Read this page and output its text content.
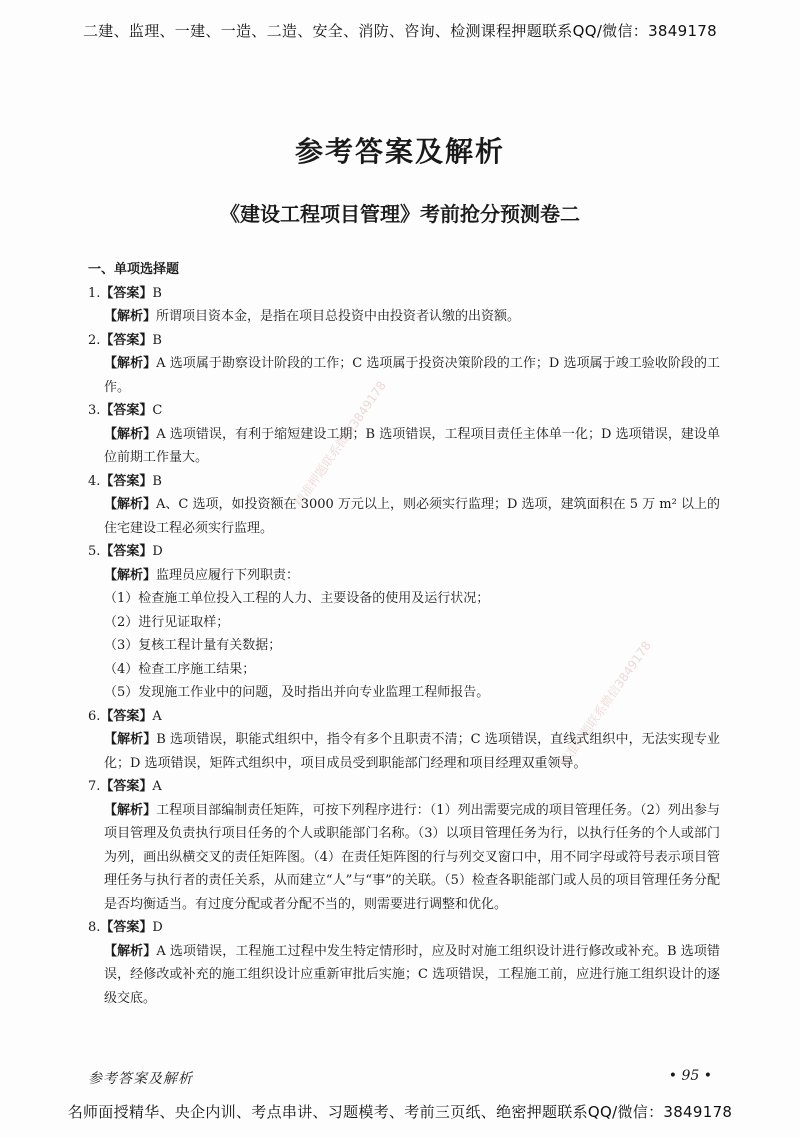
二建、监理、一建、一造、二造、安全、消防、咨询、检测课程押题联系QQ/微信：3849178
精准押题联系微信3849178
精准押题联系微信3849178
参考答案及解析
《建设工程项目管理》考前抢分预测卷二
一、单项选择题
1.【答案】B
【解析】所谓项目资本金，是指在项目总投资中由投资者认缴的出资额。
2.【答案】B
【解析】A 选项属于勘察设计阶段的工作；C 选项属于投资决策阶段的工作；D 选项属于竣工验收阶段的工作。
3.【答案】C
【解析】A 选项错误，有利于缩短建设工期；B 选项错误，工程项目责任主体单一化；D 选项错误，建设单位前期工作量大。
4.【答案】B
【解析】A、C 选项，如投资额在 3000 万元以上，则必须实行监理；D 选项，建筑面积在 5 万 m² 以上的住宅建设工程必须实行监理。
5.【答案】D
【解析】监理员应履行下列职责：
（1）检查施工单位投入工程的人力、主要设备的使用及运行状况；
（2）进行见证取样；
（3）复核工程计量有关数据；
（4）检查工序施工结果；
（5）发现施工作业中的问题，及时指出并向专业监理工程师报告。
6.【答案】A
【解析】B 选项错误，职能式组织中，指令有多个且职责不清；C 选项错误，直线式组织中，无法实现专业化；D 选项错误，矩阵式组织中，项目成员受到职能部门经理和项目经理双重领导。
7.【答案】A
【解析】工程项目部编制责任矩阵，可按下列程序进行：（1）列出需要完成的项目管理任务。（2）列出参与项目管理及负责执行项目任务的个人或职能部门名称。（3）以项目管理任务为行，以执行任务的个人或部门为列，画出纵横交叉的责任矩阵图。（4）在责任矩阵图的行与列交叉窗口中，用不同字母或符号表示项目管理任务与执行者的责任关系，从而建立“人”与“事”的关联。（5）检查各职能部门或人员的项目管理任务分配是否均衡适当。有过度分配或者分配不当的，则需要进行调整和优化。
8.【答案】D
【解析】A 选项错误，工程施工过程中发生特定情形时，应及时对施工组织设计进行修改或补充。B 选项错误，经修改或补充的施工组织设计应重新审批后实施；C 选项错误，工程施工前，应进行施工组织设计的逐级交底。
参考答案及解析	• 95 •
名师面授精华、央企内训、考点串讲、习题模考、考前三页纸、绝密押题联系QQ/微信：3849178
